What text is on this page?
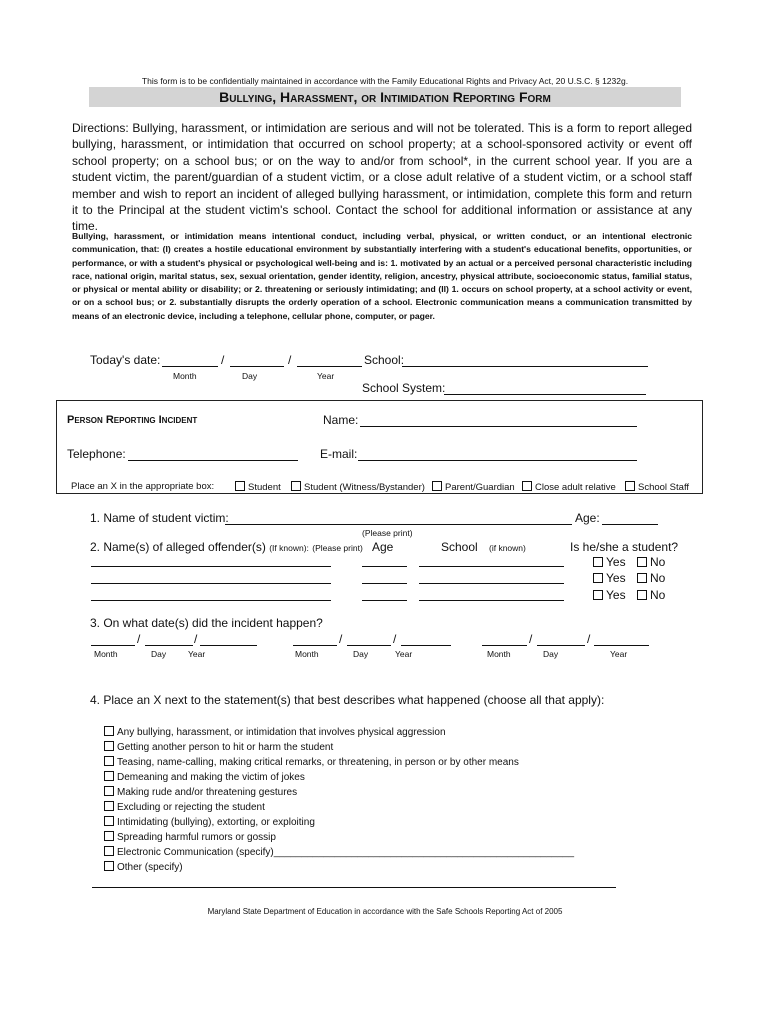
This form is to be confidentially maintained in accordance with the Family Educational Rights and Privacy Act, 20 U.S.C. § 1232g.
Bullying, Harassment, or Intimidation Reporting Form
Directions: Bullying, harassment, or intimidation are serious and will not be tolerated. This is a form to report alleged bullying, harassment, or intimidation that occurred on school property; at a school-sponsored activity or event off school property; on a school bus; or on the way to and/or from school*, in the current school year. If you are a student victim, the parent/guardian of a student victim, or a close adult relative of a student victim, or a school staff member and wish to report an incident of alleged bullying harassment, or intimidation, complete this form and return it to the Principal at the student victim's school. Contact the school for additional information or assistance at any time.
Bullying, harassment, or intimidation means intentional conduct, including verbal, physical, or written conduct, or an intentional electronic communication, that: (I) creates a hostile educational environment by substantially interfering with a student's educational benefits, opportunities, or performance, or with a student's physical or psychological well-being and is: 1. motivated by an actual or a perceived personal characteristic including race, national origin, marital status, sex, sexual orientation, gender identity, religion, ancestry, physical attribute, socioeconomic status, familial status, or physical or mental ability or disability; or 2. threatening or seriously intimidating; and (II) 1. occurs on school property, at a school activity or event, or on a school bus; or 2. substantially disrupts the orderly operation of a school. Electronic communication means a communication transmitted by means of an electronic device, including a telephone, cellular phone, computer, or pager.
Today's date:	/	/	School:
Month	Day	Year
School System:
Person Reporting Incident	Name:
Telephone:	E-mail:
Place an X in the appropriate box:	Student	Student (Witness/Bystander)	Parent/Guardian	Close adult relative	School Staff
1. Name of student victim:	Age:
(Please print)
2. Name(s) of alleged offender(s) (If known): (Please print) Age	School (if known)	Is he/she a student?
Yes	No
Yes	No
Yes	No
3. On what date(s) did the incident happen?
/	/
Month	Day	Year
/	/
Month	Day	Year
/	/
Month	Day	Year
4. Place an X next to the statement(s) that best describes what happened (choose all that apply):
Any bullying, harassment, or intimidation that involves physical aggression
Getting another person to hit or harm the student
Teasing, name-calling, making critical remarks, or threatening, in person or by other means
Demeaning and making the victim of jokes
Making rude and/or threatening gestures
Excluding or rejecting the student
Intimidating (bullying), extorting, or exploiting
Spreading harmful rumors or gossip
Electronic Communication (specify)______________________________________________________
Other (specify)
Maryland State Department of Education in accordance with the Safe Schools Reporting Act of 2005
